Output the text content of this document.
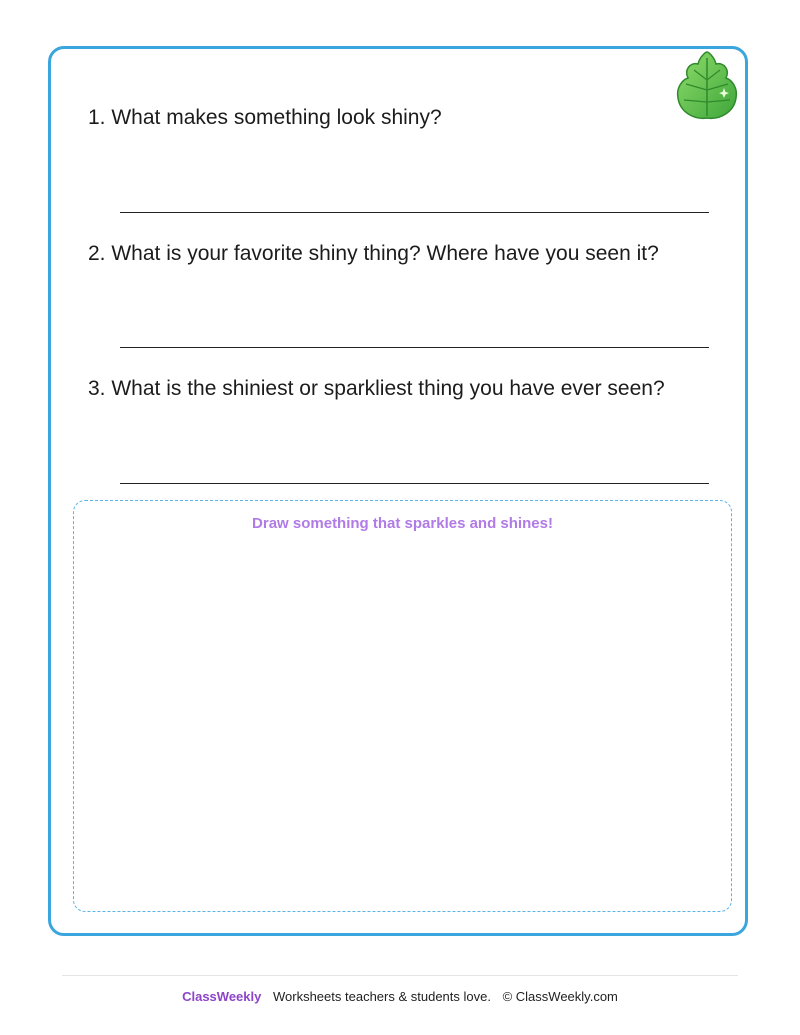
1. What makes something look shiny?

2. What is your favorite shiny thing? Where have you seen it?

3. What is the shiniest or sparkliest thing you have ever seen?

Draw something that sparkles and shines!
ClassWeekly Worksheets teachers & students love. © ClassWeekly.com
